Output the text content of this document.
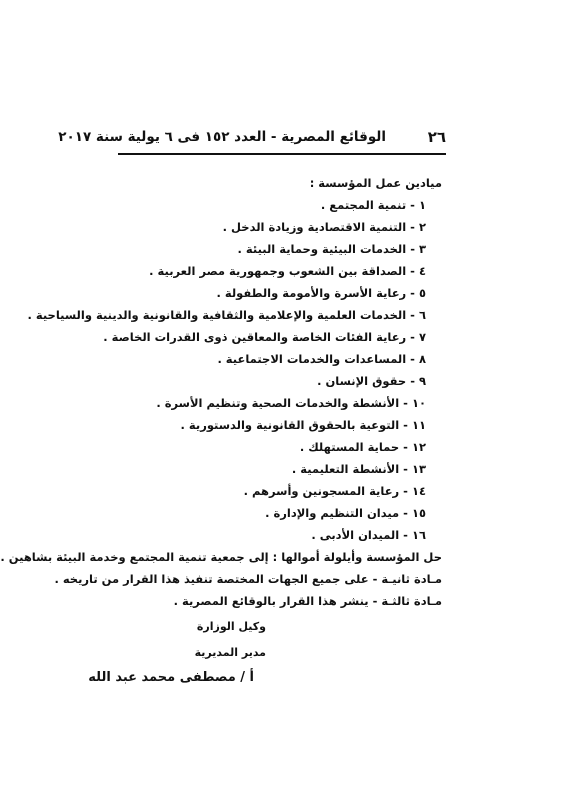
٢٦
الوقائع المصرية - العدد ١٥٢ فى ٦ يولية سنة ٢٠١٧
ميادين عمل المؤسسة :
١ - تنمية المجتمع .
٢ - التنمية الاقتصادية وزيادة الدخل .
٣ - الخدمات البيئية وحماية البيئة .
٤ - الصداقة بين الشعوب وجمهورية مصر العربية .
٥ - رعاية الأسرة والأمومة والطفولة .
٦ - الخدمات العلمية والإعلامية والثقافية والقانونية والدينية والسياحية .
٧ - رعاية الفئات الخاصة والمعاقين ذوى القدرات الخاصة .
٨ - المساعدات والخدمات الاجتماعية .
٩ - حقوق الإنسان .
١٠ - الأنشطة والخدمات الصحية وتنظيم الأسرة .
١١ - التوعية بالحقوق القانونية والدستورية .
١٢ - حماية المستهلك .
١٣ - الأنشطة التعليمية .
١٤ - رعاية المسجونين وأسرهم .
١٥ - ميدان التنظيم والإدارة .
١٦ - الميدان الأدبى .
حل المؤسسة وأيلولة أموالها : إلى جمعية تنمية المجتمع وخدمة البيئة بشاهين .
مـادة ثانيـة - على جميع الجهات المختصة تنفيذ هذا القرار من تاريخه .
مـادة ثالثـة - ينشر هذا القرار بالوقائع المصرية .
وكيل الوزارة
مدير المديرية
أ / مصطفى محمد عبد الله
